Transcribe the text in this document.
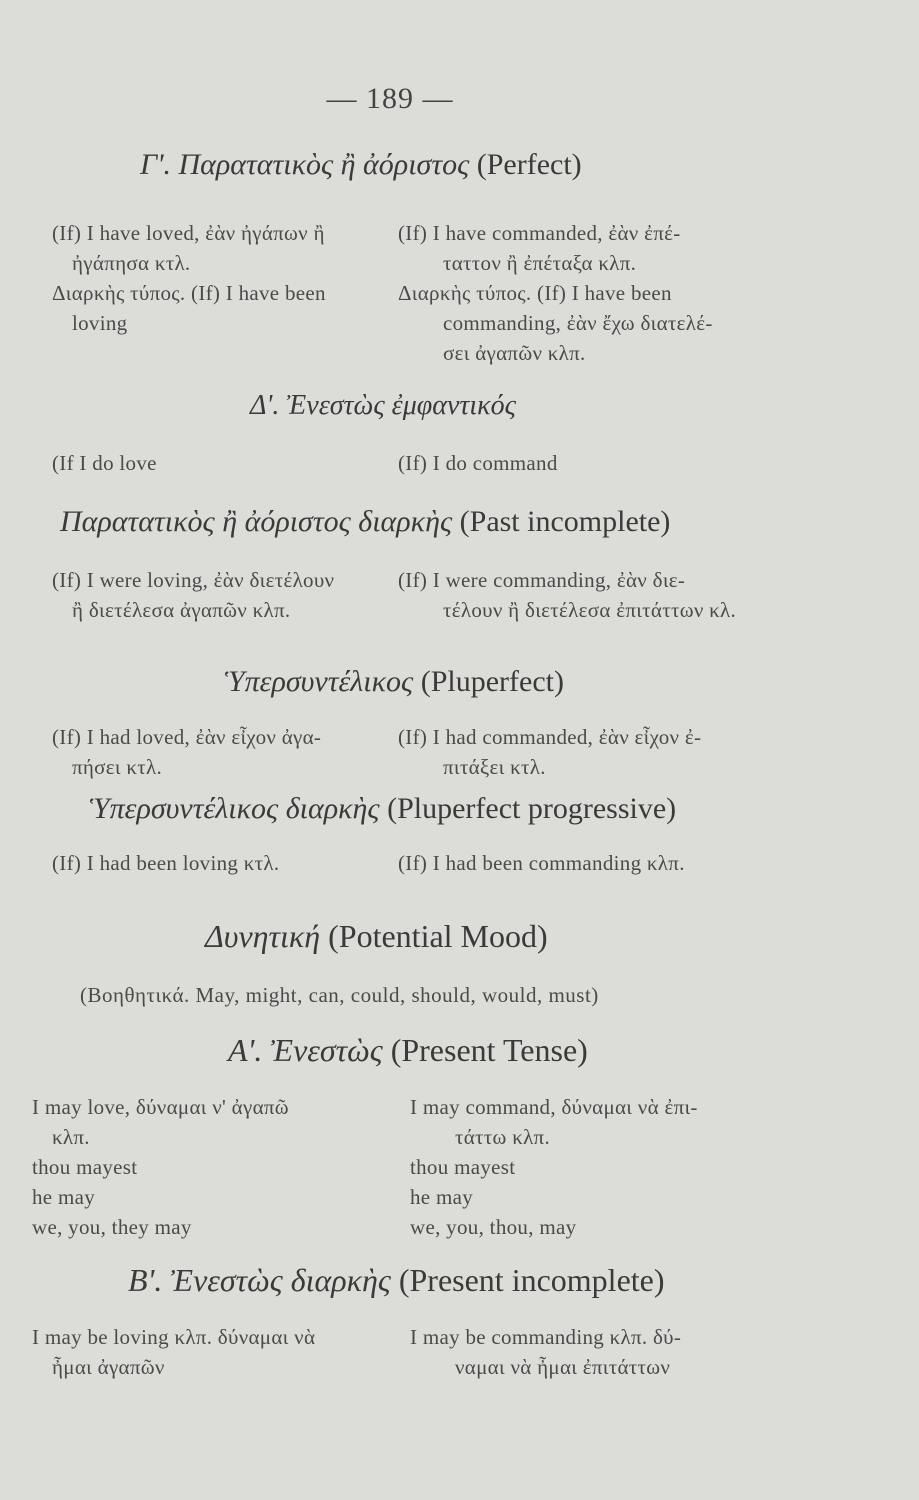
— 189 —
Γ'. Παρατατικὸς ἢ ἀόριστος (Perfect)
(If) I have loved, ἐὰν ἠγάπων ἢ
ἠγάπησα κτλ.
Διαρκὴς τύπος. (If) I have been
loving
(If) I have commanded, ἐὰν ἐπέ-
ταττον ἢ ἐπέταξα κλπ.
Διαρκὴς τύπος. (If) I have been
commanding, ἐὰν ἔχω διατελέ-
σει ἀγαπῶν κλπ.
Δ'. Ἐνεστὼς ἐμφαντικός
(If I do love	(If) I do command
Παρατατικὸς ἢ ἀόριστος διαρκὴς (Past incomplete)
(If) I were loving, ἐὰν διετέλουν
ἢ διετέλεσα ἀγαπῶν κλπ.
(If) I were commanding, ἐὰν διε-
τέλουν ἢ διετέλεσα ἐπιτάττων κλ.
Ὑπερσυντέλικος (Pluperfect)
(If) I had loved, ἐὰν εἶχον ἀγα-
πήσει κτλ.
(If) I had commanded, ἐὰν εἶχον ἐ-
πιτάξει κτλ.
Ὑπερσυντέλικος διαρκὴς (Pluperfect progressive)
(If) I had been loving κτλ.	(If) I had been commanding κλπ.
Δυνητική (Potential Mood)
(Βοηθητικά. May, might, can, could, should, would, must)
Α'. Ἐνεστὼς (Present Tense)
I may love, δύναμαι ν' ἀγαπῶ
κλπ.
thou mayest
he may
we, you, they may
I may command, δύναμαι νὰ ἐπι-
τάττω κλπ.
thou mayest
he may
we, you, thou, may
Β'. Ἐνεστὼς διαρκὴς (Present incomplete)
I may be loving κλπ. δύναμαι νὰ
ἦμαι ἀγαπῶν
I may be commanding κλπ. δύ-
ναμαι νὰ ἦμαι ἐπιτάττων
